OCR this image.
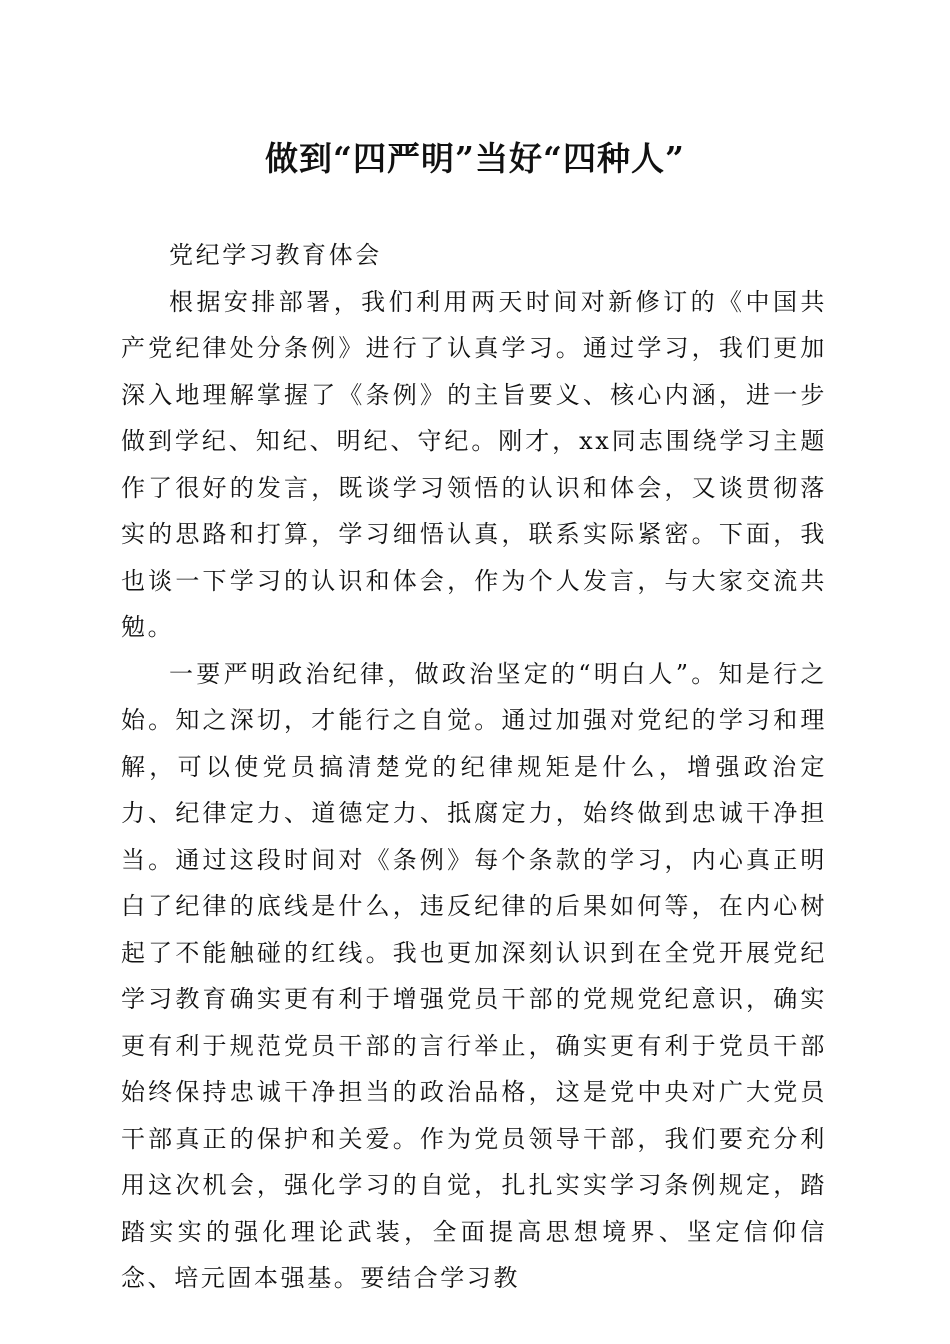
做到“四严明”当好“四种人”

党纪学习教育体会

根据安排部署，我们利用两天时间对新修订的《中国共产党纪律处分条例》进行了认真学习。通过学习，我们更加深入地理解掌握了《条例》的主旨要义、核心内涵，进一步做到学纪、知纪、明纪、守纪。刚才，xx同志围绕学习主题作了很好的发言，既谈学习领悟的认识和体会，又谈贯彻落实的思路和打算，学习细悟认真，联系实际紧密。下面，我也谈一下学习的认识和体会，作为个人发言，与大家交流共勉。

一要严明政治纪律，做政治坚定的“明白人”。知是行之始。知之深切，才能行之自觉。通过加强对党纪的学习和理解，可以使党员搞清楚党的纪律规矩是什么，增强政治定力、纪律定力、道德定力、抵腐定力，始终做到忠诚干净担当。通过这段时间对《条例》每个条款的学习，内心真正明白了纪律的底线是什么，违反纪律的后果如何等，在内心树起了不能触碰的红线。我也更加深刻认识到在全党开展党纪学习教育确实更有利于增强党员干部的党规党纪意识，确实更有利于规范党员干部的言行举止，确实更有利于党员干部始终保持忠诚干净担当的政治品格，这是党中央对广大党员干部真正的保护和关爱。作为党员领导干部，我们要充分利用这次机会，强化学习的自觉，扎扎实实学习条例规定，踏踏实实的强化理论武装，全面提高思想境界、坚定信仰信念、培元固本强基。要结合学习教
